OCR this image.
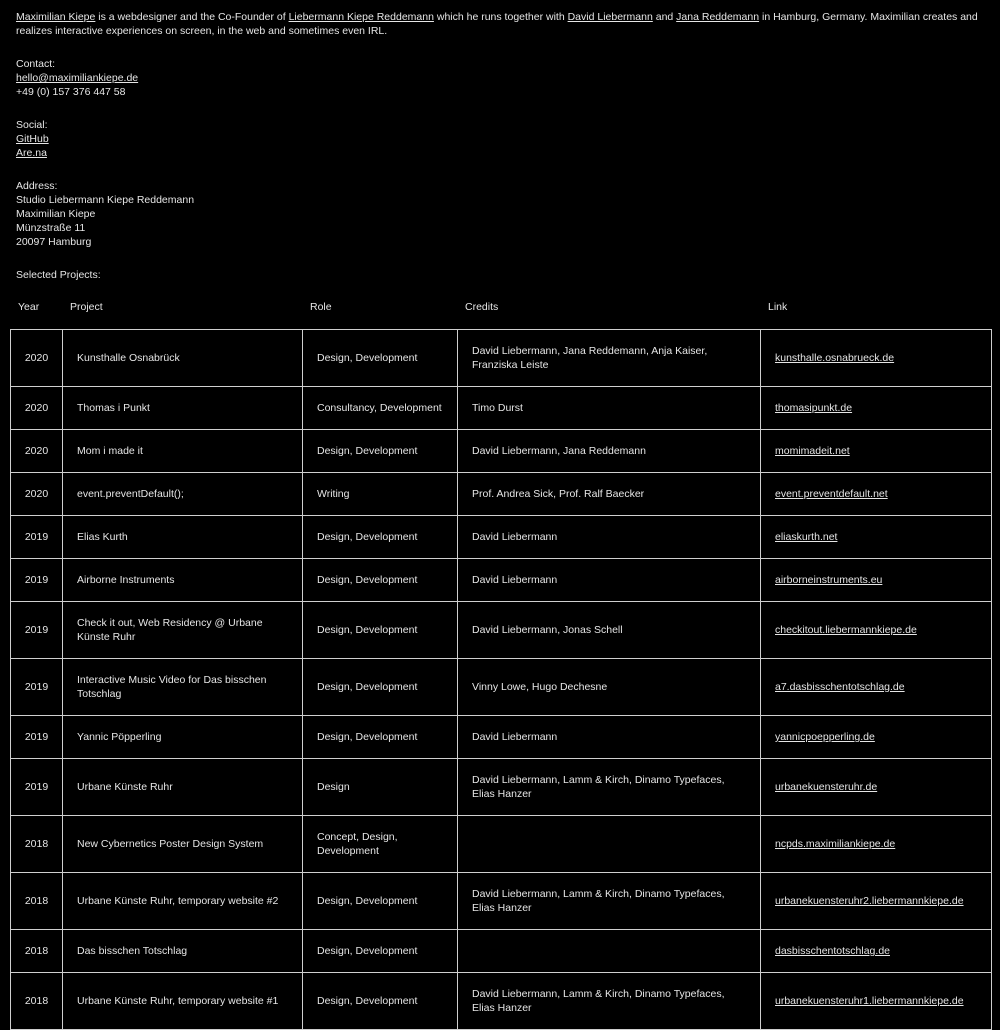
Maximilian Kiepe is a webdesigner and the Co-Founder of Liebermann Kiepe Reddemann which he runs together with David Liebermann and Jana Reddemann in Hamburg, Germany. Maximilian creates and realizes interactive experiences on screen, in the web and sometimes even IRL.

Contact:
hello@maximiliankiepe.de
+49 (0) 157 376 447 58
Social:
GitHub
Are.na
Address:
Studio Liebermann Kiepe Reddemann
Maximilian Kiepe
Münzstraße 11
20097 Hamburg
Selected Projects:
Year	Project	Role	Credits	Link
2020	Kunsthalle Osnabrück	Design, Development	David Liebermann, Jana Reddemann, Anja Kaiser, Franziska Leiste	kunsthalle.osnabrueck.de
2020	Thomas i Punkt	Consultancy, Development	Timo Durst	thomasipunkt.de
2020	Mom i made it	Design, Development	David Liebermann, Jana Reddemann	momimadeit.net
2020	event.preventDefault();	Writing	Prof. Andrea Sick, Prof. Ralf Baecker	event.preventdefault.net
2019	Elias Kurth	Design, Development	David Liebermann	eliaskurth.net
2019	Airborne Instruments	Design, Development	David Liebermann	airborneinstruments.eu
2019	Check it out, Web Residency @ Urbane Künste Ruhr	Design, Development	David Liebermann, Jonas Schell	checkitout.liebermannkiepe.de
2019	Interactive Music Video for Das bisschen Totschlag	Design, Development	Vinny Lowe, Hugo Dechesne	a7.dasbisschentotschlag.de
2019	Yannic Pöpperling	Design, Development	David Liebermann	yannicpoepperling.de
2019	Urbane Künste Ruhr	Design	David Liebermann, Lamm & Kirch, Dinamo Typefaces, Elias Hanzer	urbanekuensteruhr.de
2018	New Cybernetics Poster Design System	Concept, Design, Development		ncpds.maximiliankiepe.de
2018	Urbane Künste Ruhr, temporary website #2	Design, Development	David Liebermann, Lamm & Kirch, Dinamo Typefaces, Elias Hanzer	urbanekuensteruhr2.liebermannkiepe.de
2018	Das bisschen Totschlag	Design, Development		dasbisschentotschlag.de
2018	Urbane Künste Ruhr, temporary website #1	Design, Development	David Liebermann, Lamm & Kirch, Dinamo Typefaces, Elias Hanzer	urbanekuensteruhr1.liebermannkiepe.de
